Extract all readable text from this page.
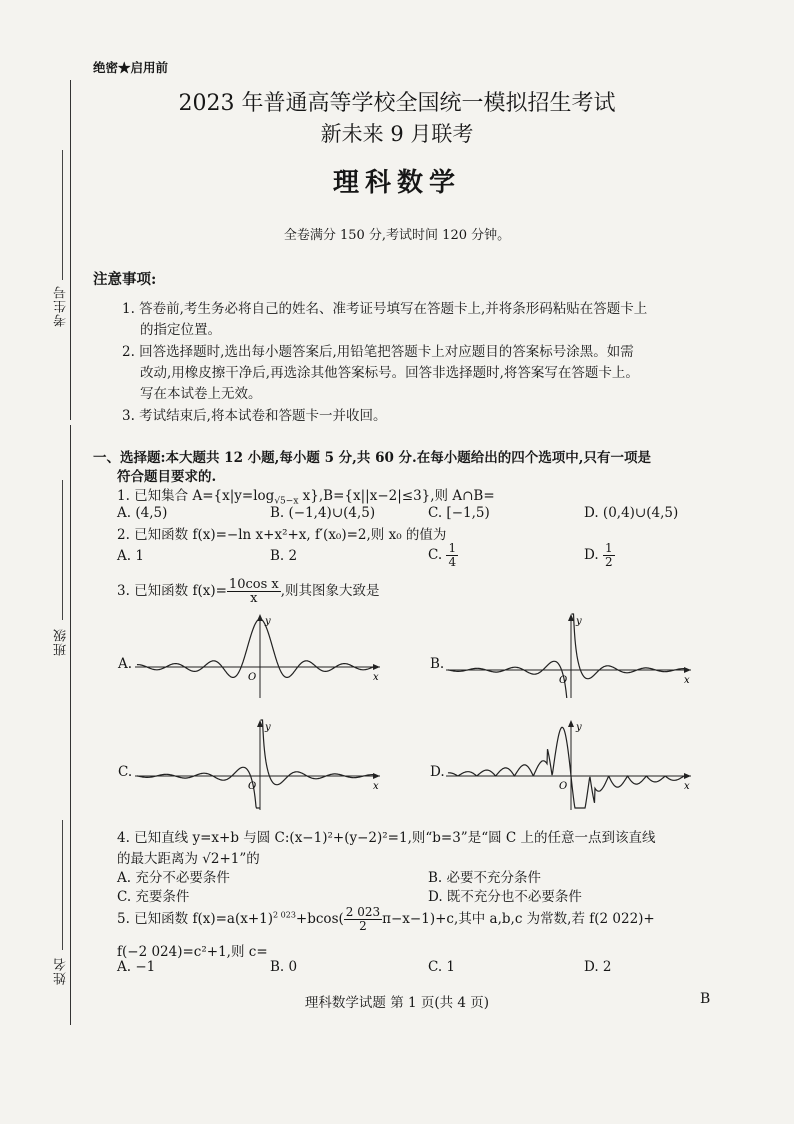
考生号
班级
姓名
绝密★启用前
2023 年普通高等学校全国统一模拟招生考试
新未来 9 月联考
理科数学
全卷满分 150 分,考试时间 120 分钟。
注意事项:
1. 答卷前,考生务必将自己的姓名、准考证号填写在答题卡上,并将条形码粘贴在答题卡上
的指定位置。
2. 回答选择题时,选出每小题答案后,用铅笔把答题卡上对应题目的答案标号涂黑。如需
改动,用橡皮擦干净后,再选涂其他答案标号。回答非选择题时,将答案写在答题卡上。
写在本试卷上无效。
3. 考试结束后,将本试卷和答题卡一并收回。
一、选择题:本大题共 12 小题,每小题 5 分,共 60 分.在每小题给出的四个选项中,只有一项是
符合题目要求的.
1. 已知集合 $A=\{x|y=\log_{√5-x}$ x},B={x||x−2|≤3},则 A∩B=
A. (4,5)	B. (−1,4)∪(4,5)	C. [−1,5)	D. (0,4)∪(4,5)
2. 已知函数 f(x)=−ln x+x²+x, f′(x₀)=2,则 x₀ 的值为
A. 1	B. 2	C. $\frac{1}{4}$	D. $\frac{1}{2}$
3. 已知函数 $f(x)= \frac{\text{10cos x}}{x}$ ,则其图象大致是
A.	B.
C.	D.
y
x
O
y
x
O
y
x
O
y
x
O
4. 已知直线 y=x+b 与圆 C:(x−1)²+(y−2)²=1,则“b=3”是“圆 C 上的任意一点到该直线
的最大距离为 √2+1”的
A. 充分不必要条件	B. 必要不充分条件
C. 充要条件	D. 既不充分也不必要条件
5. 已知函数 $f(x)=a(x+1)^{2 023}+bcos( \frac{2 023}{2} \pi-x-1)+c$,其中 a,b,c 为常数,若 f(2 022)+
f(−2 024)=c²+1,则 c=
A. −1	B. 0	C. 1	D. 2
理科数学试题 第 1 页(共 4 页)	B
